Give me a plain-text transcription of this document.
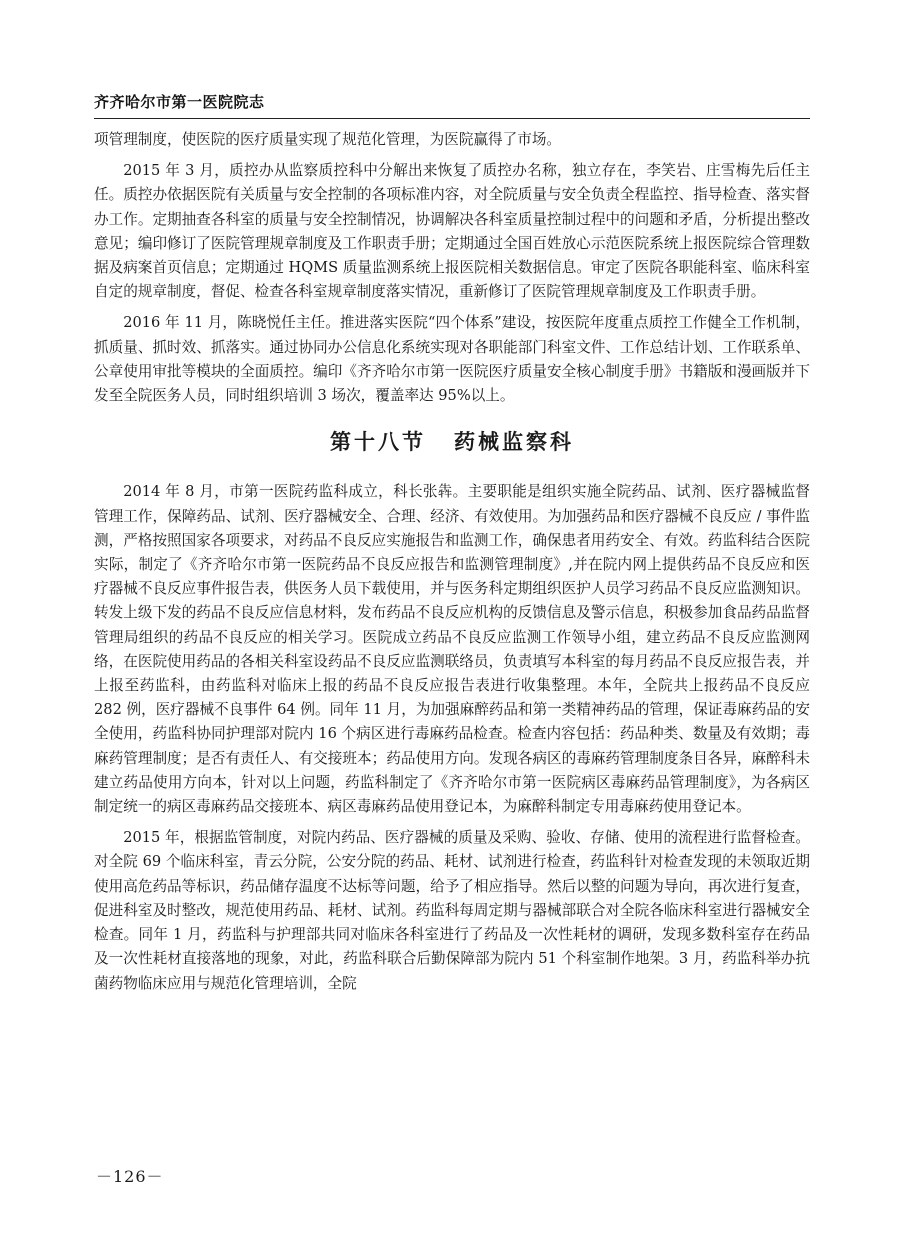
齐齐哈尔市第一医院院志

项管理制度，使医院的医疗质量实现了规范化管理，为医院赢得了市场。

2015 年 3 月，质控办从监察质控科中分解出来恢复了质控办名称，独立存在，李笑岩、庄雪梅先后任主任。质控办依据医院有关质量与安全控制的各项标准内容，对全院质量与安全负责全程监控、指导检查、落实督办工作。定期抽查各科室的质量与安全控制情况，协调解决各科室质量控制过程中的问题和矛盾，分析提出整改意见；编印修订了医院管理规章制度及工作职责手册；定期通过全国百姓放心示范医院系统上报医院综合管理数据及病案首页信息；定期通过 HQMS 质量监测系统上报医院相关数据信息。审定了医院各职能科室、临床科室自定的规章制度，督促、检查各科室规章制度落实情况，重新修订了医院管理规章制度及工作职责手册。

2016 年 11 月，陈晓悦任主任。推进落实医院“四个体系”建设，按医院年度重点质控工作健全工作机制，抓质量、抓时效、抓落实。通过协同办公信息化系统实现对各职能部门科室文件、工作总结计划、工作联系单、公章使用审批等模块的全面质控。编印《齐齐哈尔市第一医院医疗质量安全核心制度手册》书籍版和漫画版并下发至全院医务人员，同时组织培训 3 场次，覆盖率达 95%以上。

第十八节 药械监察科

2014 年 8 月，市第一医院药监科成立，科长张犇。主要职能是组织实施全院药品、试剂、医疗器械监督管理工作，保障药品、试剂、医疗器械安全、合理、经济、有效使用。为加强药品和医疗器械不良反应 / 事件监测，严格按照国家各项要求，对药品不良反应实施报告和监测工作，确保患者用药安全、有效。药监科结合医院实际，制定了《齐齐哈尔市第一医院药品不良反应报告和监测管理制度》,并在院内网上提供药品不良反应和医疗器械不良反应事件报告表，供医务人员下载使用，并与医务科定期组织医护人员学习药品不良反应监测知识。转发上级下发的药品不良反应信息材料，发布药品不良反应机构的反馈信息及警示信息，积极参加食品药品监督管理局组织的药品不良反应的相关学习。医院成立药品不良反应监测工作领导小组，建立药品不良反应监测网络，在医院使用药品的各相关科室设药品不良反应监测联络员，负责填写本科室的每月药品不良反应报告表，并上报至药监科，由药监科对临床上报的药品不良反应报告表进行收集整理。本年，全院共上报药品不良反应 282 例，医疗器械不良事件 64 例。同年 11 月，为加强麻醉药品和第一类精神药品的管理，保证毒麻药品的安全使用，药监科协同护理部对院内 16 个病区进行毒麻药品检查。检查内容包括：药品种类、数量及有效期；毒麻药管理制度；是否有责任人、有交接班本；药品使用方向。发现各病区的毒麻药管理制度条目各异，麻醉科未建立药品使用方向本，针对以上问题，药监科制定了《齐齐哈尔市第一医院病区毒麻药品管理制度》，为各病区制定统一的病区毒麻药品交接班本、病区毒麻药品使用登记本，为麻醉科制定专用毒麻药使用登记本。

2015 年，根据监管制度，对院内药品、医疗器械的质量及采购、验收、存储、使用的流程进行监督检查。对全院 69 个临床科室，青云分院，公安分院的药品、耗材、试剂进行检查，药监科针对检查发现的未领取近期使用高危药品等标识，药品储存温度不达标等问题，给予了相应指导。然后以整的问题为导向，再次进行复查，促进科室及时整改，规范使用药品、耗材、试剂。药监科每周定期与器械部联合对全院各临床科室进行器械安全检查。同年 1 月，药监科与护理部共同对临床各科室进行了药品及一次性耗材的调研，发现多数科室存在药品及一次性耗材直接落地的现象，对此，药监科联合后勤保障部为院内 51 个科室制作地架。3 月，药监科举办抗菌药物临床应用与规范化管理培训，全院

－126－
